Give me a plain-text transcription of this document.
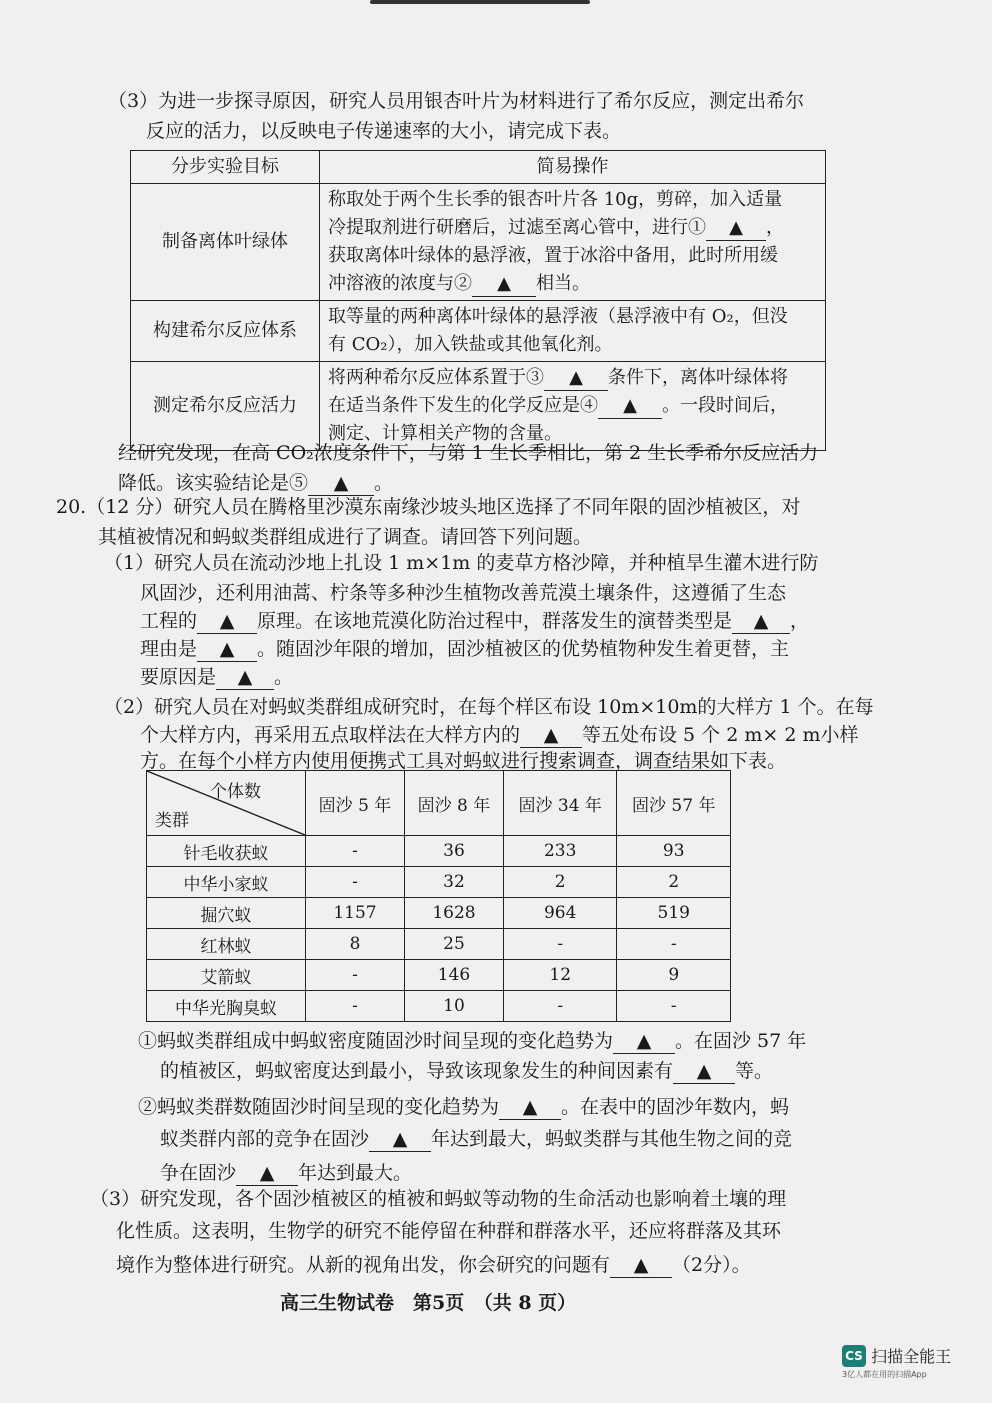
（3）为进一步探寻原因，研究人员用银杏叶片为材料进行了希尔反应，测定出希尔
反应的活力，以反映电子传递速率的大小，请完成下表。
分步实验目标	简易操作
制备离体叶绿体	称取处于两个生长季的银杏叶片各 10g，剪碎，加入适量
冷提取剂进行研磨后，过滤至离心管中，进行① ▲ ，
获取离体叶绿体的悬浮液，置于冰浴中备用，此时所用缓
冲溶液的浓度与② ▲ 相当。
构建希尔反应体系	取等量的两种离体叶绿体的悬浮液（悬浮液中有 O₂，但没
有 CO₂），加入铁盐或其他氧化剂。
测定希尔反应活力	将两种希尔反应体系置于③ ▲ 条件下，离体叶绿体将
在适当条件下发生的化学反应是④ ▲ 。一段时间后，
测定、计算相关产物的含量。
经研究发现，在高 CO₂浓度条件下，与第 1 生长季相比，第 2 生长季希尔反应活力
降低。该实验结论是⑤ ▲ 。
20.（12 分）研究人员在腾格里沙漠东南缘沙坡头地区选择了不同年限的固沙植被区，对
其植被情况和蚂蚁类群组成进行了调查。请回答下列问题。
（1）研究人员在流动沙地上扎设 1 m×1m 的麦草方格沙障，并种植旱生灌木进行防
风固沙，还利用油蒿、柠条等多种沙生植物改善荒漠土壤条件，这遵循了生态
工程的 ▲ 原理。在该地荒漠化防治过程中，群落发生的演替类型是 ▲ ，
理由是 ▲ 。随固沙年限的增加，固沙植被区的优势植物种发生着更替，主
要原因是 ▲ 。
（2）研究人员在对蚂蚁类群组成研究时，在每个样区布设 10m×10m的大样方 1 个。在每
个大样方内，再采用五点取样法在大样方内的 ▲ 等五处布设 5 个 2 m× 2 m小样
方。在每个小样方内使用便携式工具对蚂蚁进行搜索调查，调查结果如下表。
个体数
类群	固沙 5 年	固沙 8 年	固沙 34 年	固沙 57 年
针毛收获蚁	-	36	233	93
中华小家蚁	-	32	2	2
掘穴蚁	1157	1628	964	519
红林蚁	8	25	-	-
艾箭蚁	-	146	12	9
中华光胸臭蚁	-	10	-	-
①蚂蚁类群组成中蚂蚁密度随固沙时间呈现的变化趋势为 ▲ 。在固沙 57 年
的植被区，蚂蚁密度达到最小，导致该现象发生的种间因素有 ▲ 等。
②蚂蚁类群数随固沙时间呈现的变化趋势为 ▲ 。在表中的固沙年数内，蚂
蚁类群内部的竞争在固沙 ▲ 年达到最大，蚂蚁类群与其他生物之间的竞
争在固沙 ▲ 年达到最大。
（3）研究发现，各个固沙植被区的植被和蚂蚁等动物的生命活动也影响着土壤的理
化性质。这表明，生物学的研究不能停留在种群和群落水平，还应将群落及其环
境作为整体进行研究。从新的视角出发，你会研究的问题有 ▲ （2分）。
高三生物试卷　第5页　（共 8 页）
CS 扫描全能王
3亿人都在用的扫描App
